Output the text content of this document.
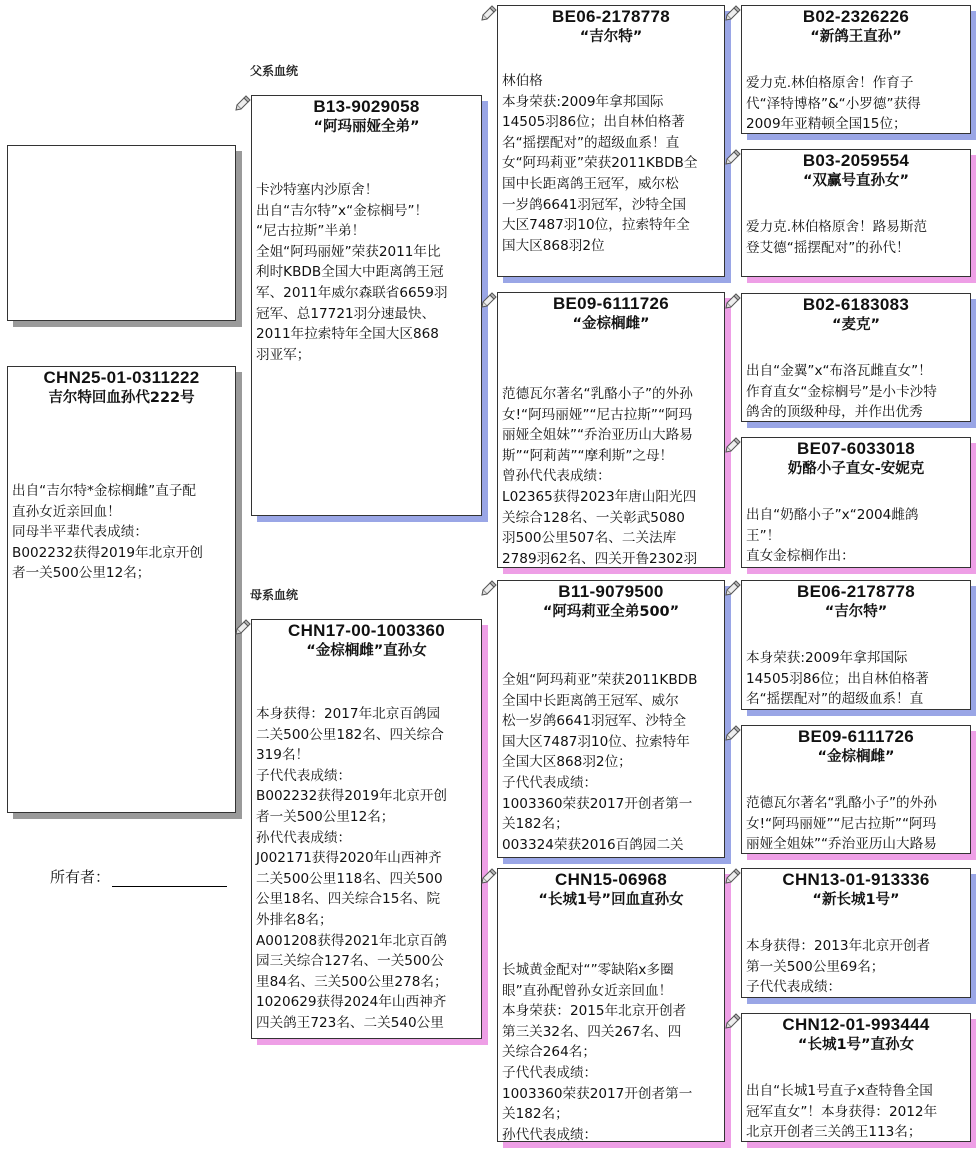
CHN25-01-0311222
吉尔特回血孙代222号
出自“吉尔特*金棕榈雌”直子配
直孙女近亲回血！
同母半平辈代表成绩：
B002232获得2019年北京开创
者一关500公里12名；
所有者：
父系血统
母系血统
B13-9029058
“阿玛丽娅全弟”
卡沙特塞内沙原舍！
出自“吉尔特”x“金棕榈号”！
“尼古拉斯”半弟！
全姐“阿玛丽娅”荣获2011年比
利时KBDB全国大中距离鸽王冠
军、2011年威尔森联省6659羽
冠军、总17721羽分速最快、
2011年拉索特年全国大区868
羽亚军；
CHN17-00-1003360
“金棕榈雌”直孙女
本身获得：2017年北京百鸽园
二关500公里182名、四关综合
319名！
子代代表成绩：
B002232获得2019年北京开创
者一关500公里12名；
孙代代表成绩：
J002171获得2020年山西神齐
二关500公里118名、四关500
公里18名、四关综合15名、院
外排名8名；
A001208获得2021年北京百鸽
园三关综合127名、一关500公
里84名、三关500公里278名；
1020629获得2024年山西神齐
四关鸽王723名、二关540公里
BE06-2178778
“吉尔特”
林伯格
本身荣获:2009年拿邦国际
14505羽86位；出自林伯格著
名“摇摆配对”的超级血系！直
女“阿玛莉亚”荣获2011KBDB全
国中长距离鸽王冠军，威尔松
一岁鸽6641羽冠军，沙特全国
大区7487羽10位，拉索特年全
国大区868羽2位
BE09-6111726
“金棕榈雌”
范德瓦尔著名“乳酪小子”的外孙
女!“阿玛丽娅”“尼古拉斯”“阿玛
丽娅全姐妹”“乔治亚历山大路易
斯”“阿莉茜”“摩利斯”之母！
曾孙代代表成绩：
L02365获得2023年唐山阳光四
关综合128名、一关彰武5080
羽500公里507名、二关法库
2789羽62名、四关开鲁2302羽
B11-9079500
“阿玛莉亚全弟500”
全姐“阿玛莉亚”荣获2011KBDB
全国中长距离鸽王冠军、威尔
松一岁鸽6641羽冠军、沙特全
国大区7487羽10位、拉索特年
全国大区868羽2位；
子代代表成绩：
1003360荣获2017开创者第一
关182名；
003324荣获2016百鸽园二关
CHN15-06968
“长城1号”回血直孙女
长城黄金配对“”零缺陷x多圈
眼”直孙配曾孙女近亲回血！
本身荣获：2015年北京开创者
第三关32名、四关267名、四
关综合264名；
子代代表成绩：
1003360荣获2017开创者第一
关182名；
孙代代表成绩：
B02-2326226
“新鸽王直孙”
爱力克.林伯格原舍！作育子
代“泽特博格”&“小罗德”获得
2009年亚精顿全国15位；
B03-2059554
“双赢号直孙女”
爱力克.林伯格原舍！路易斯范
登艾德“摇摆配对”的孙代！
B02-6183083
“麦克”
出自“金翼”x“布洛瓦雌直女”！
作育直女“金棕榈号”是小卡沙特
鸽舍的顶级种母，并作出优秀
BE07-6033018
奶酪小子直女-安妮克
出自“奶酪小子”x“2004雌鸽
王”！
直女金棕榈作出：
BE06-2178778
“吉尔特”
本身荣获:2009年拿邦国际
14505羽86位；出自林伯格著
名“摇摆配对”的超级血系！直
BE09-6111726
“金棕榈雌”
范德瓦尔著名“乳酪小子”的外孙
女!“阿玛丽娅”“尼古拉斯”“阿玛
丽娅全姐妹”“乔治亚历山大路易
CHN13-01-913336
“新长城1号”
本身获得：2013年北京开创者
第一关500公里69名；
子代代表成绩：
CHN12-01-993444
“长城1号”直孙女
出自“长城1号直子x查特鲁全国
冠军直女”！本身获得：2012年
北京开创者三关鸽王113名；
